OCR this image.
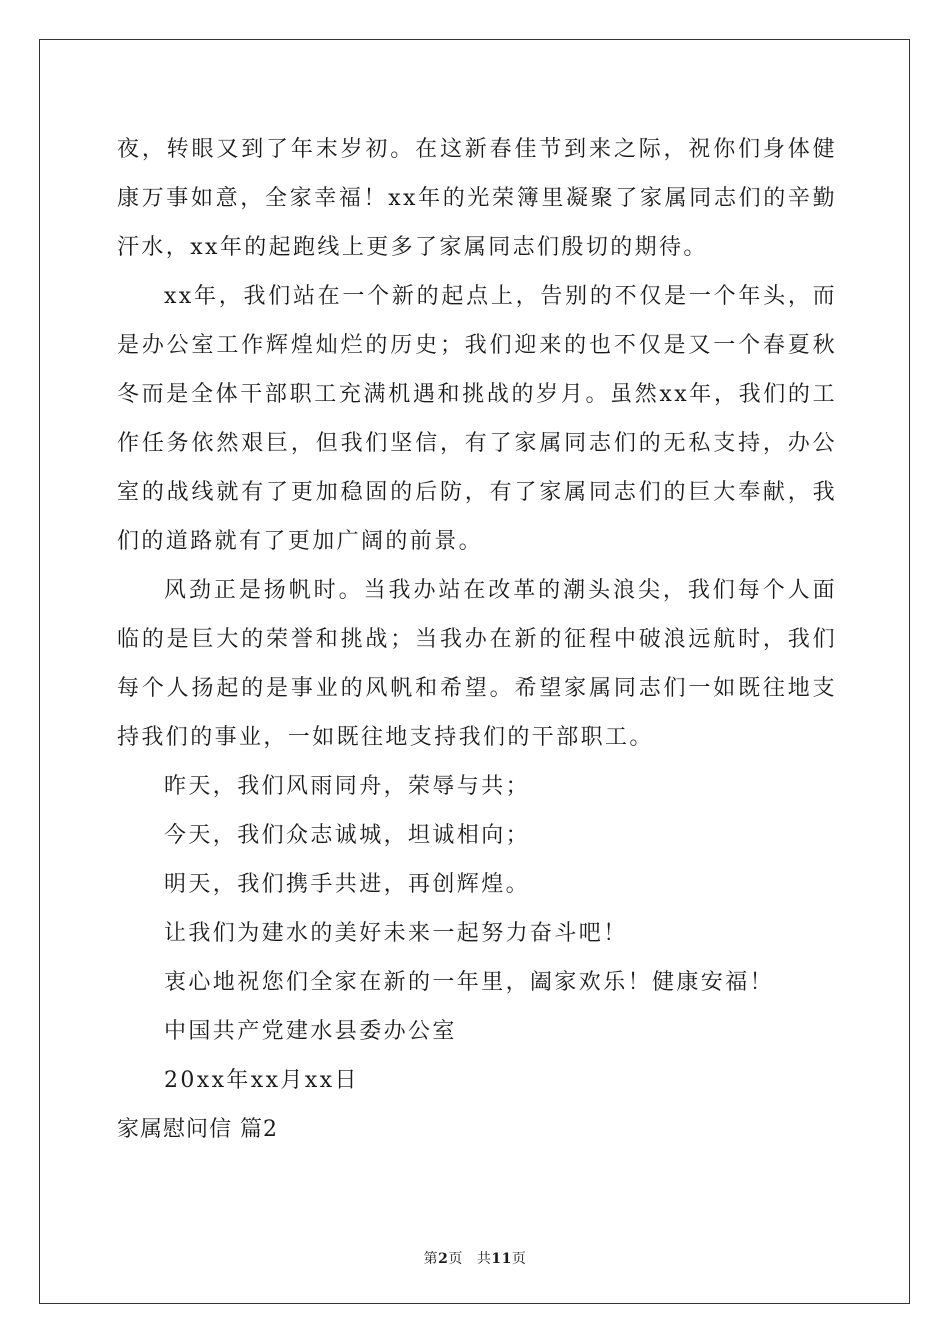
夜，转眼又到了年末岁初。在这新春佳节到来之际，祝你们身体健康万事如意，全家幸福！xx年的光荣簿里凝聚了家属同志们的辛勤汗水，xx年的起跑线上更多了家属同志们殷切的期待。

xx年，我们站在一个新的起点上，告别的不仅是一个年头，而是办公室工作辉煌灿烂的历史；我们迎来的也不仅是又一个春夏秋冬而是全体干部职工充满机遇和挑战的岁月。虽然xx年，我们的工作任务依然艰巨，但我们坚信，有了家属同志们的无私支持，办公室的战线就有了更加稳固的后防，有了家属同志们的巨大奉献，我们的道路就有了更加广阔的前景。

风劲正是扬帆时。当我办站在改革的潮头浪尖，我们每个人面临的是巨大的荣誉和挑战；当我办在新的征程中破浪远航时，我们每个人扬起的是事业的风帆和希望。希望家属同志们一如既往地支持我们的事业，一如既往地支持我们的干部职工。

昨天，我们风雨同舟，荣辱与共；

今天，我们众志诚城，坦诚相向；

明天，我们携手共进，再创辉煌。

让我们为建水的美好未来一起努力奋斗吧！

衷心地祝您们全家在新的一年里，阖家欢乐！健康安福！

中国共产党建水县委办公室

20xx年xx月xx日

家属慰问信 篇2

第2页 共11页
